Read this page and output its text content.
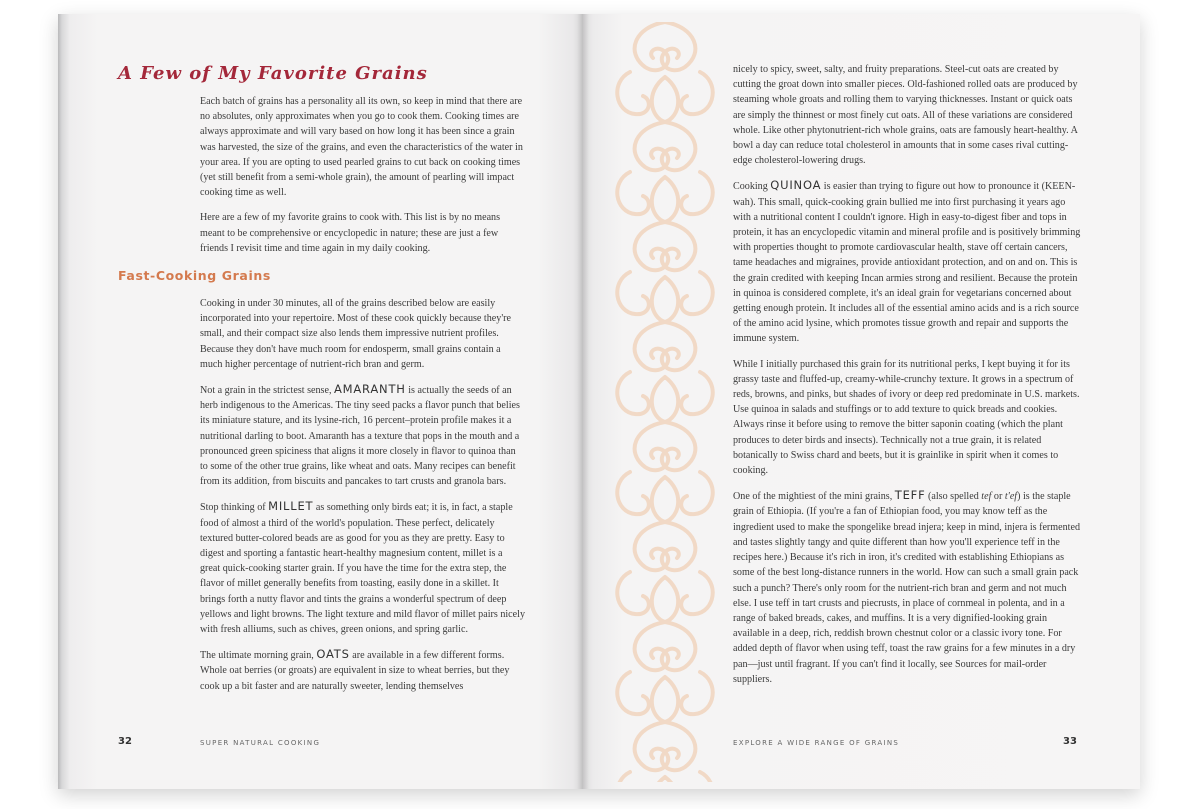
A Few of My Favorite Grains

Each batch of grains has a personality all its own, so keep in mind that there are no absolutes, only approximates when you go to cook them. Cooking times are always approximate and will vary based on how long it has been since a grain was harvested, the size of the grains, and even the characteristics of the water in your area. If you are opting to used pearled grains to cut back on cooking times (yet still benefit from a semi-whole grain), the amount of pearling will impact cooking time as well.

Here are a few of my favorite grains to cook with. This list is by no means meant to be comprehensive or encyclopedic in nature; these are just a few friends I revisit time and time again in my daily cooking.

Fast-Cooking Grains

Cooking in under 30 minutes, all of the grains described below are easily incorporated into your repertoire. Most of these cook quickly because they're small, and their compact size also lends them impressive nutrient profiles. Because they don't have much room for endosperm, small grains contain a much higher percentage of nutrient-rich bran and germ.

Not a grain in the strictest sense, AMARANTH is actually the seeds of an herb indigenous to the Americas. The tiny seed packs a flavor punch that belies its miniature stature, and its lysine-rich, 16 percent–protein profile makes it a nutritional darling to boot. Amaranth has a texture that pops in the mouth and a pronounced green spiciness that aligns it more closely in flavor to quinoa than to some of the other true grains, like wheat and oats. Many recipes can benefit from its addition, from biscuits and pancakes to tart crusts and granola bars.

Stop thinking of MILLET as something only birds eat; it is, in fact, a staple food of almost a third of the world's population. These perfect, delicately textured butter-colored beads are as good for you as they are pretty. Easy to digest and sporting a fantastic heart-healthy magnesium content, millet is a great quick-cooking starter grain. If you have the time for the extra step, the flavor of millet generally benefits from toasting, easily done in a skillet. It brings forth a nutty flavor and tints the grains a wonderful spectrum of deep yellows and light browns. The light texture and mild flavor of millet pairs nicely with fresh alliums, such as chives, green onions, and spring garlic.

The ultimate morning grain, OATS are available in a few different forms. Whole oat berries (or groats) are equivalent in size to wheat berries, but they cook up a bit faster and are naturally sweeter, lending themselves

32	SUPER NATURAL COOKING

nicely to spicy, sweet, salty, and fruity preparations. Steel-cut oats are created by cutting the groat down into smaller pieces. Old-fashioned rolled oats are produced by steaming whole groats and rolling them to varying thicknesses. Instant or quick oats are simply the thinnest or most finely cut oats. All of these variations are considered whole. Like other phytonutrient-rich whole grains, oats are famously heart-healthy. A bowl a day can reduce total cholesterol in amounts that in some cases rival cutting-edge cholesterol-lowering drugs.

Cooking QUINOA is easier than trying to figure out how to pronounce it (KEEN-wah). This small, quick-cooking grain bullied me into first purchasing it years ago with a nutritional content I couldn't ignore. High in easy-to-digest fiber and tops in protein, it has an encyclopedic vitamin and mineral profile and is positively brimming with properties thought to promote cardiovascular health, stave off certain cancers, tame headaches and migraines, provide antioxidant protection, and on and on. This is the grain credited with keeping Incan armies strong and resilient. Because the protein in quinoa is considered complete, it's an ideal grain for vegetarians concerned about getting enough protein. It includes all of the essential amino acids and is a rich source of the amino acid lysine, which promotes tissue growth and repair and supports the immune system.

While I initially purchased this grain for its nutritional perks, I kept buying it for its grassy taste and fluffed-up, creamy-while-crunchy texture. It grows in a spectrum of reds, browns, and pinks, but shades of ivory or deep red predominate in U.S. markets. Use quinoa in salads and stuffings or to add texture to quick breads and cookies. Always rinse it before using to remove the bitter saponin coating (which the plant produces to deter birds and insects). Technically not a true grain, it is related botanically to Swiss chard and beets, but it is grainlike in spirit when it comes to cooking.

One of the mightiest of the mini grains, TEFF (also spelled tef or t'ef) is the staple grain of Ethiopia. (If you're a fan of Ethiopian food, you may know teff as the ingredient used to make the spongelike bread injera; keep in mind, injera is fermented and tastes slightly tangy and quite different than how you'll experience teff in the recipes here.) Because it's rich in iron, it's credited with establishing Ethiopians as some of the best long-distance runners in the world. How can such a small grain pack such a punch? There's only room for the nutrient-rich bran and germ and not much else. I use teff in tart crusts and piecrusts, in place of cornmeal in polenta, and in a range of baked breads, cakes, and muffins. It is a very dignified-looking grain available in a deep, rich, reddish brown chestnut color or a classic ivory tone. For added depth of flavor when using teff, toast the raw grains for a few minutes in a dry pan—just until fragrant. If you can't find it locally, see Sources for mail-order suppliers.

EXPLORE A WIDE RANGE OF GRAINS	33
